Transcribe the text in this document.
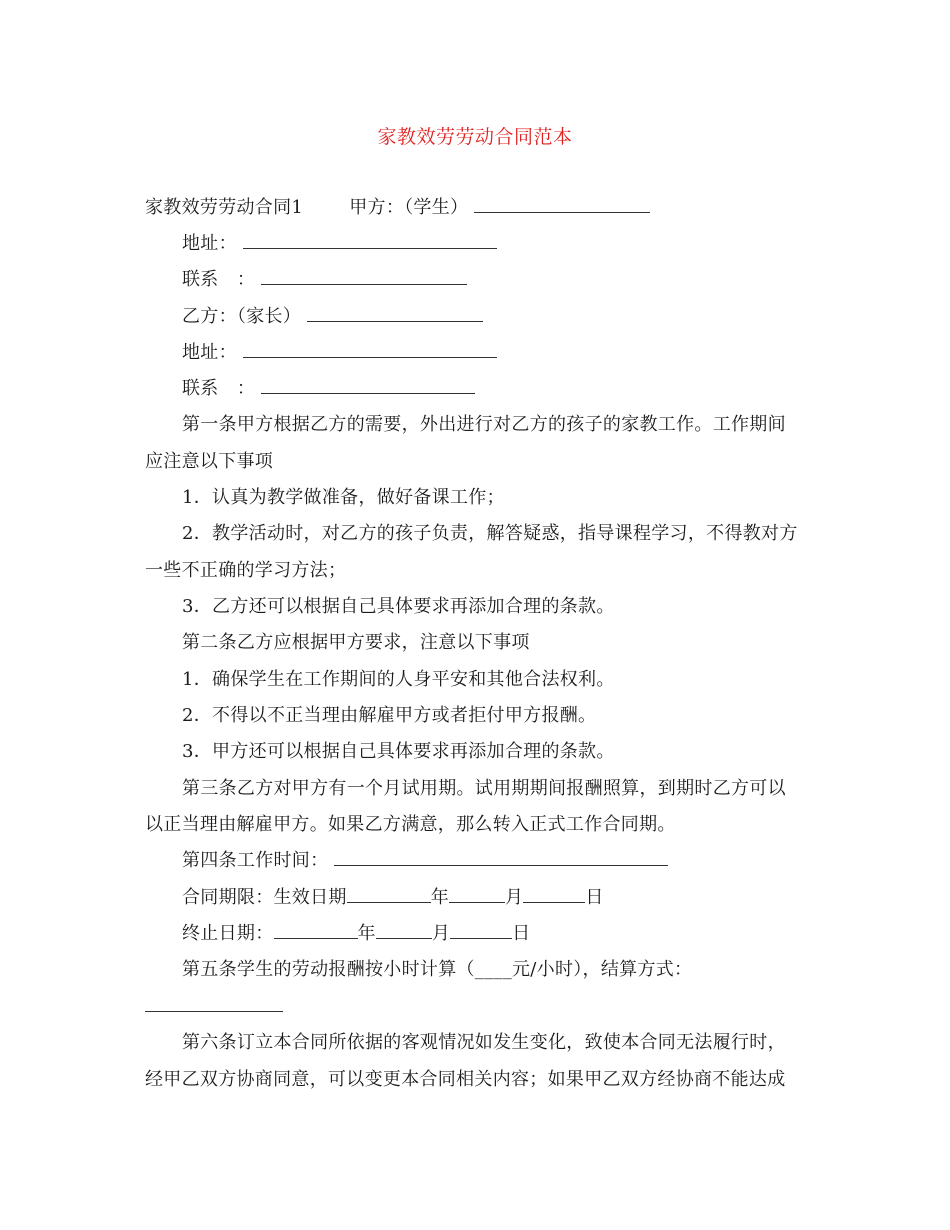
家教效劳劳动合同范本
家教效劳劳动合同1	甲方：（学生）
地址：
联系　：
乙方：（家长）
地址：
联系　：
第一条甲方根据乙方的需要，外出进行对乙方的孩子的家教工作。工作期间
应注意以下事项
1．认真为教学做准备，做好备课工作；
2．教学活动时，对乙方的孩子负责，解答疑惑，指导课程学习，不得教对方
一些不正确的学习方法；
3．乙方还可以根据自己具体要求再添加合理的条款。
第二条乙方应根据甲方要求，注意以下事项
1．确保学生在工作期间的人身平安和其他合法权利。
2．不得以不正当理由解雇甲方或者拒付甲方报酬。
3．甲方还可以根据自己具体要求再添加合理的条款。
第三条乙方对甲方有一个月试用期。试用期期间报酬照算，到期时乙方可以
以正当理由解雇甲方。如果乙方满意，那么转入正式工作合同期。
第四条工作时间：
合同期限：生效日期	年	月	日
终止日期：	年	月	日
第五条学生的劳动报酬按小时计算（____元/小时），结算方式：
第六条订立本合同所依据的客观情况如发生变化，致使本合同无法履行时，
经甲乙双方协商同意，可以变更本合同相关内容；如果甲乙双方经协商不能达成
